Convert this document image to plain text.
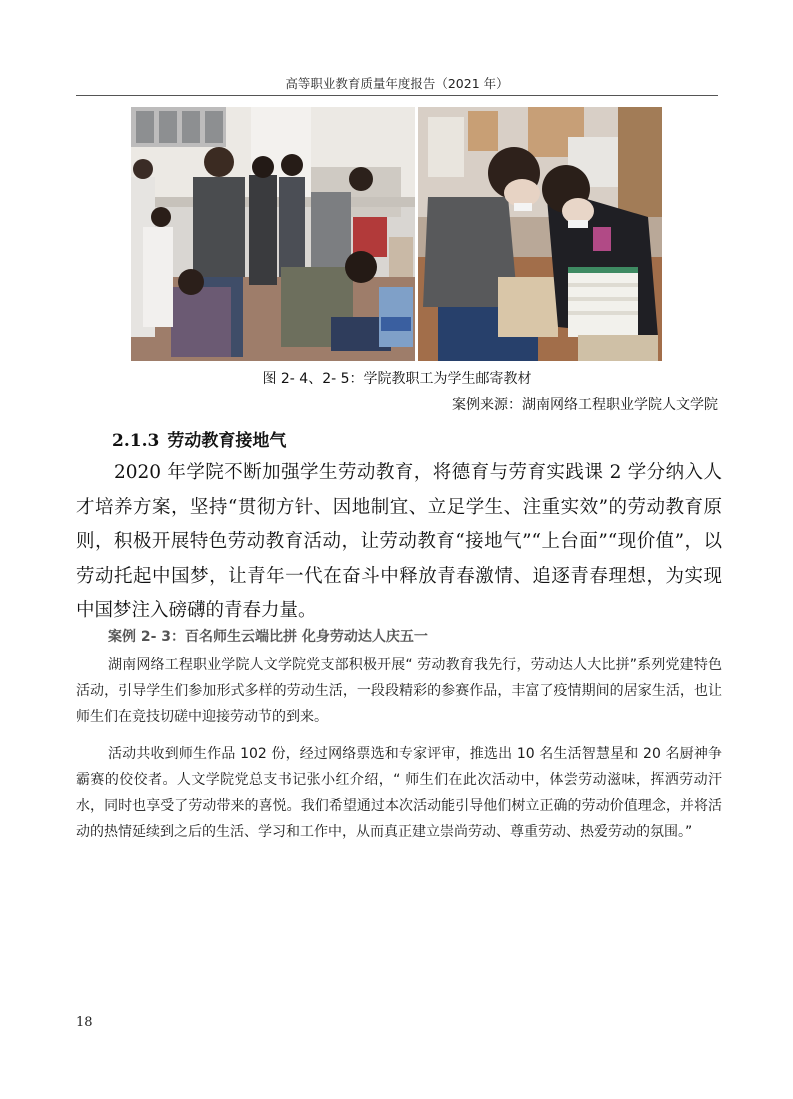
高等职业教育质量年度报告（2021 年）
图 2- 4、2- 5：学院教职工为学生邮寄教材
案例来源：湖南网络工程职业学院人文学院
2.1.3 劳动教育接地气
2020 年学院不断加强学生劳动教育，将德育与劳育实践课 2 学分纳入人才培养方案，坚持“贯彻方针、因地制宜、立足学生、注重实效”的劳动教育原则，积极开展特色劳动教育活动，让劳动教育“接地气”“上台面”“现价值”，以劳动托起中国梦，让青年一代在奋斗中释放青春激情、追逐青春理想，为实现中国梦注入磅礴的青春力量。
案例 2- 3：百名师生云端比拼 化身劳动达人庆五一
湖南网络工程职业学院人文学院党支部积极开展“ 劳动教育我先行，劳动达人大比拼”系列党建特色活动，引导学生们参加形式多样的劳动生活，一段段精彩的参赛作品，丰富了疫情期间的居家生活，也让师生们在竞技切磋中迎接劳动节的到来。
活动共收到师生作品 102 份，经过网络票选和专家评审，推选出 10 名生活智慧星和 20 名厨神争霸赛的佼佼者。人文学院党总支书记张小红介绍，“ 师生们在此次活动中，体尝劳动滋味，挥洒劳动汗水，同时也享受了劳动带来的喜悦。我们希望通过本次活动能引导他们树立正确的劳动价值理念，并将活动的热情延续到之后的生活、学习和工作中，从而真正建立崇尚劳动、尊重劳动、热爱劳动的氛围。”
18
